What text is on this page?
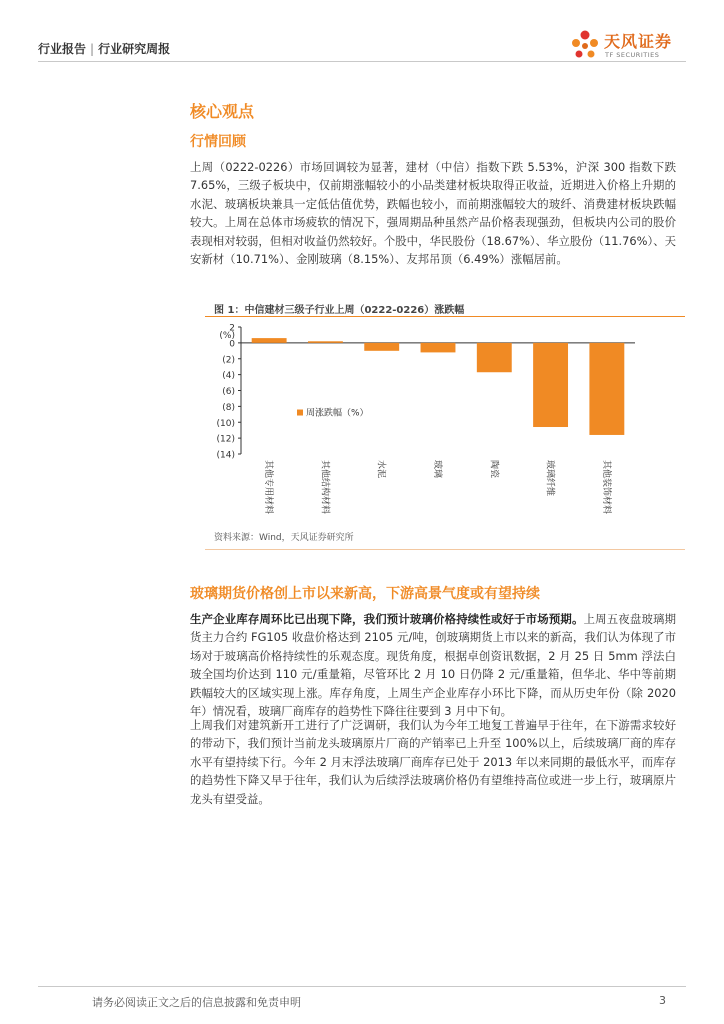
行业报告 | 行业研究周报	天风证券
TF SECURITIES
核心观点
行情回顾
上周（0222-0226）市场回调较为显著，建材（中信）指数下跌 5.53%，沪深 300 指数下跌 7.65%，三级子板块中，仅前期涨幅较小的小品类建材板块取得正收益，近期进入价格上升期的水泥、玻璃板块兼具一定低估值优势，跌幅也较小，而前期涨幅较大的玻纤、消费建材板块跌幅较大。上周在总体市场疲软的情况下，强周期品种虽然产品价格表现强劲，但板块内公司的股价表现相对较弱，但相对收益仍然较好。个股中，华民股份（18.67%）、华立股份（11.76%）、天安新材（10.71%）、金刚玻璃（8.15%）、友邦吊顶（6.49%）涨幅居前。
图 1：中信建材三级子行业上周（0222-0226）涨跌幅
2
0
(2)
(4)
(6)
(8)
(10)
(12)
(14)
(%)
其他专用材料	其他结构材料	水泥	玻璃	陶瓷	玻璃纤维	其他装饰材料
周涨跌幅（%）
资料来源：Wind，天风证券研究所
玻璃期货价格创上市以来新高，下游高景气度或有望持续
生产企业库存周环比已出现下降，我们预计玻璃价格持续性或好于市场预期。上周五夜盘玻璃期货主力合约 FG105 收盘价格达到 2105 元/吨，创玻璃期货上市以来的新高，我们认为体现了市场对于玻璃高价格持续性的乐观态度。现货角度，根据卓创资讯数据，2 月 25 日 5mm 浮法白玻全国均价达到 110 元/重量箱，尽管环比 2 月 10 日仍降 2 元/重量箱，但华北、华中等前期跌幅较大的区域实现上涨。库存角度，上周生产企业库存小环比下降，而从历史年份（除 2020 年）情况看，玻璃厂商库存的趋势性下降往往要到 3 月中下旬。
上周我们对建筑新开工进行了广泛调研，我们认为今年工地复工普遍早于往年，在下游需求较好的带动下，我们预计当前龙头玻璃原片厂商的产销率已上升至 100%以上，后续玻璃厂商的库存水平有望持续下行。今年 2 月末浮法玻璃厂商库存已处于 2013 年以来同期的最低水平，而库存的趋势性下降又早于往年，我们认为后续浮法玻璃价格仍有望维持高位或进一步上行，玻璃原片龙头有望受益。
请务必阅读正文之后的信息披露和免责申明	3
